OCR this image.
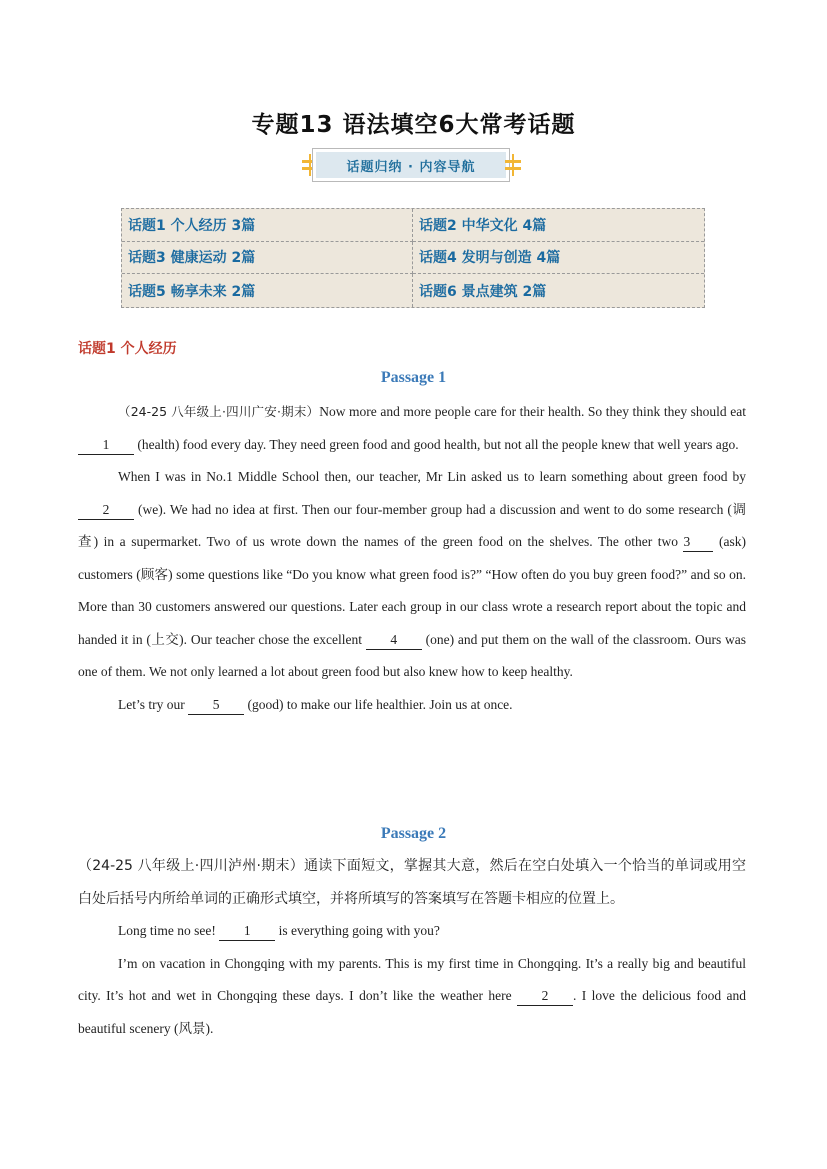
专题13 语法填空6大常考话题
话题归纳 · 内容导航
话题1 个人经历 3篇	话题2 中华文化 4篇
话题3 健康运动 2篇	话题4 发明与创造 4篇
话题5 畅享未来 2篇	话题6 景点建筑 2篇
话题1 个人经历
Passage 1

（24-25 八年级上·四川广安·期末）Now more and more people care for their health. So they think they should eat 1 (health) food every day. They need green food and good health, but not all the people knew that well years ago.

When I was in No.1 Middle School then, our teacher, Mr Lin asked us to learn something about green food by 2 (we). We had no idea at first. Then our four-member group had a discussion and went to do some research (调查) in a supermarket. Two of us wrote down the names of the green food on the shelves. The other two 3 (ask) customers (顾客) some questions like “Do you know what green food is?” “How often do you buy green food?” and so on. More than 30 customers answered our questions. Later each group in our class wrote a research report about the topic and handed it in (上交). Our teacher chose the excellent 4 (one) and put them on the wall of the classroom. Ours was one of them. We not only learned a lot about green food but also knew how to keep healthy.

Let’s try our 5 (good) to make our life healthier. Join us at once.

Passage 2

（24-25 八年级上·四川泸州·期末）通读下面短文，掌握其大意，然后在空白处填入一个恰当的单词或用空白处后括号内所给单词的正确形式填空，并将所填写的答案填写在答题卡相应的位置上。

Long time no see! 1 is everything going with you?

I’m on vacation in Chongqing with my parents. This is my first time in Chongqing. It’s a really big and beautiful city. It’s hot and wet in Chongqing these days. I don’t like the weather here 2 . I love the delicious food and beautiful scenery (风景).
